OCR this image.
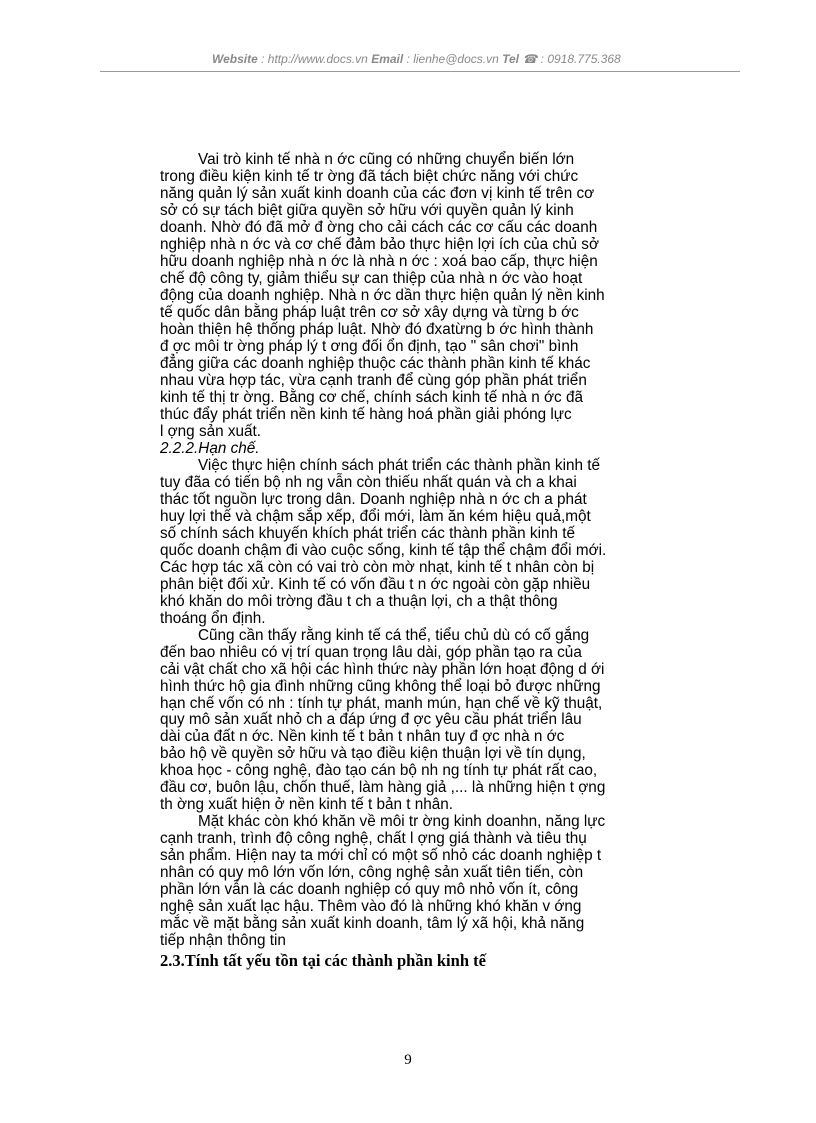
Website : http://www.docs.vn Email : lienhe@docs.vn Tel ☎ : 0918.775.368

Vai trò kinh tế nhà n ớc cũng có những chuyển biến lớn
trong điều kiện kinh tế tr ờng đã tách biệt chức năng với chức
năng quản lý sản xuất kinh doanh của các đơn vị kinh tế trên cơ
sở có sự tách biệt giữa quyền sở hữu với quyền quản lý kinh
doanh. Nhờ đó đã mở đ ờng cho cải cách các cơ cấu các doanh
nghiệp nhà n ớc và cơ chế đảm bảo thực hiện lợi ích của chủ sở
hữu doanh nghiệp nhà n ớc là nhà n ớc : xoá bao cấp, thực hiện
chế độ công ty, giảm thiểu sự can thiệp của nhà n ớc vào hoạt
động của doanh nghiệp. Nhà n ớc dần thực hiện quản lý nền kinh
tế quốc dân bằng pháp luật trên cơ sở xây dựng và từng b ớc
hoàn thiện hệ thống pháp luật. Nhờ đó đxatừng b ớc hình thành
đ ợc môi tr ờng pháp lý t ơng đối ổn định, tạo " sân chơi" bình
đẳng giữa các doanh nghiệp thuộc các thành phần kinh tế khác
nhau vừa hợp tác, vừa cạnh tranh để cùng góp phần phát triển
kinh tế thị tr ờng. Bằng cơ chế, chính sách kinh tế nhà n ớc đã
thúc đẩy phát triển nền kinh tế hàng hoá phần giải phóng lực
l ợng sản xuất.

2.2.2.Hạn chế.

Việc thực hiện chính sách phát triển các thành phần kinh tế
tuy đãa có tiến bộ nh ng vẫn còn thiếu nhất quán và ch a khai
thác tốt nguồn lực trong dân. Doanh nghiệp nhà n ớc ch a phát
huy lợi thế và chậm sắp xếp, đổi mới, làm ăn kém hiệu quả,một
số chính sách khuyến khích phát triển các thành phần kinh tế
quốc doanh chậm đi vào cuộc sống, kinh tế tập thể chậm đổi mới.
Các hợp tác xã còn có vai trò còn mờ nhạt, kinh tế t nhân còn bị
phân biệt đối xử. Kinh tế có vốn đầu t n ớc ngoài còn gặp nhiều
khó khăn do môi trờng đầu t ch a thuận lợi, ch a thật thông
thoáng ổn định.

Cũng cần thấy rằng kinh tế cá thể, tiểu chủ dù có cố gắng
đến bao nhiêu có vị trí quan trọng lâu dài, góp phần tạo ra của
cải vật chất cho xã hội các hình thức này phần lớn hoạt động d ới
hình thức hộ gia đình những cũng không thể loại bỏ được những
hạn chế vốn có nh : tính tự phát, manh mún, hạn chế về kỹ thuật,
quy mô sản xuất nhỏ ch a đáp ứng đ ợc yêu cầu phát triển lâu
dài của đất n ớc. Nền kinh tế t bản t nhân tuy đ ợc nhà n ớc
bảo hộ về quyền sở hữu và tạo điều kiện thuận lợi về tín dụng,
khoa học - công nghệ, đào tạo cán bộ nh ng tính tự phát rất cao,
đầu cơ, buôn lậu, chốn thuế, làm hàng giả ,... là những hiện t ợng
th ờng xuất hiện ở nền kinh tế t bản t nhân.

Mặt khác còn khó khăn về môi tr ờng kinh doanhn, năng lực
cạnh tranh, trình độ công nghệ, chất l ợng giá thành và tiêu thụ
sản phẩm. Hiện nay ta mới chỉ có một số nhỏ các doanh nghiệp t
nhân có quy mô lớn vốn lớn, công nghệ sản xuất tiên tiến, còn
phần lớn vẫn là các doanh nghiệp có quy mô nhỏ vốn ít, công
nghệ sản xuất lạc hậu. Thêm vào đó là những khó khăn v ớng
mắc về mặt bằng sản xuất kinh doanh, tâm lý xã hội, khả năng
tiếp nhận thông tin

2.3.Tính tất yếu tồn tại các thành phần kinh tế

9
